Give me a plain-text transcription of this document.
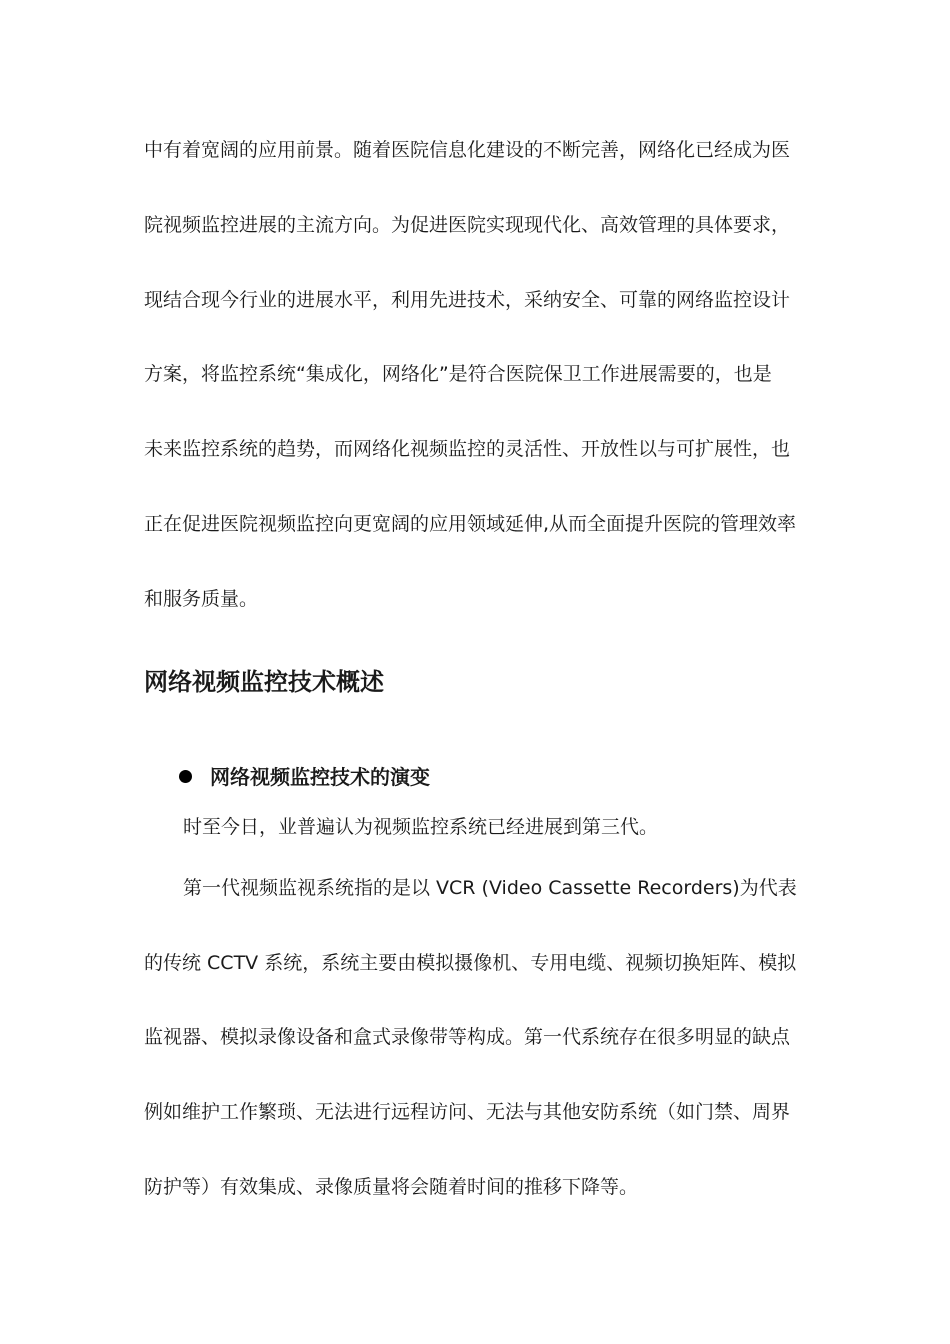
中有着宽阔的应用前景。随着医院信息化建设的不断完善，网络化已经成为医
院视频监控进展的主流方向。为促进医院实现现代化、高效管理的具体要求，
现结合现今行业的进展水平，利用先进技术，采纳安全、可靠的网络监控设计
方案，将监控系统“集成化，网络化”是符合医院保卫工作进展需要的，也是
未来监控系统的趋势，而网络化视频监控的灵活性、开放性以与可扩展性，也
正在促进医院视频监控向更宽阔的应用领域延伸,从而全面提升医院的管理效率
和服务质量。
网络视频监控技术概述
网络视频监控技术的演变
时至今日，业普遍认为视频监控系统已经进展到第三代。
第一代视频监视系统指的是以 VCR (Video Cassette Recorders)为代表
的传统 CCTV 系统，系统主要由模拟摄像机、专用电缆、视频切换矩阵、模拟
监视器、模拟录像设备和盒式录像带等构成。第一代系统存在很多明显的缺点
例如维护工作繁琐、无法进行远程访问、无法与其他安防系统（如门禁、周界
防护等）有效集成、录像质量将会随着时间的推移下降等。
